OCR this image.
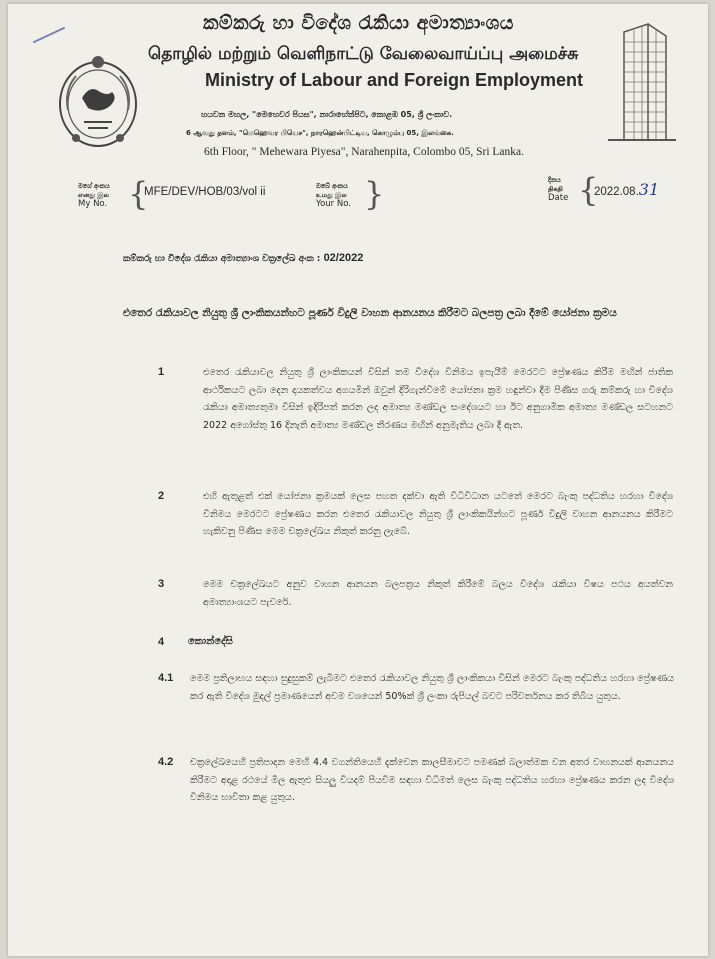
කම්කරු හා විදේශ රැකියා අමාත්‍යාංශය
தொழில் மற்றும் வெளிநாட்டு வேலைவாய்ப்பு அமைச்சு
Ministry of Labour and Foreign Employment
හයවන මහල, "මෙහෙවර පියස", නාරාහේන්පිට, කොළඹ 05, ශ්‍රී ලංකාව.
6 ஆவது தளம், "மெஹெவர பியெச", நாரஹென்பிட்டிய, கொழும்பு 05, இலங்கை.
6th Floor, " Mehewara Piyesa", Narahenpita, Colombo 05, Sri Lanka.
මගේ අංකය
எனது இல
My No. {
MFE/DEV/HOB/03/vol ii	ඔබේ අංකය
உமது இல
Your No. }	දිනය
திகதி
Date {
2022.08.31
කම්කරු හා විදේශ රැකියා අමාත්‍යාංශ චක්‍රලේඛ අංක : 02/2022
එතෙර රැකියාවල නියුතු ශ්‍රී ලාංකිකයන්හට පූර්ණ විදුලි වාහන ආනයනය කිරීමට බලපත්‍ර ලබා දීමේ යෝජනා ක්‍රමය
1	එතෙර රැකියාවල නියුතු ශ්‍රී ලාංකිකයන් විසින් තම විදේශ විනිමය ඉපැයීම් මෙරටට ප්‍රේෂණය කිරීම මඟින් ජාතික ආර්ථිකයට ලබා දෙන දායකත්වය අගයමින් ඔවුන් දිරිගැන්වීමේ යෝජනා ක්‍රම හඳුන්වා දීම පිණිස ගරු කම්කරු හා විදේශ රැකියා අමාත්‍යතුමා විසින් ඉදිරිපත් කරන ලද අමාත්‍ය මණ්ඩල සංදේශයට හා ඊට අනුගාමික අමාත්‍ය මණ්ඩල සටහනට 2022 අගෝස්තු 16 දිනැති අමාත්‍ය මණ්ඩල තීරණය මඟින් අනුමැතිය ලබා දී ඇත.
2	එහි ඇතුළත් එක් යෝජනා ක්‍රමයක් ලෙස පහත දක්වා ඇති විධිවිධාන යටතේ මෙරට බැංකු පද්ධතිය හරහා විදේශ විනිමය මෙරටට ප්‍රේෂණය කරන එතෙර රැකියාවල නියුතු ශ්‍රී ලාංකිකයින්හට පූර්ණ විදුලි වාහන ආනයනය කිරීමට හැකිවනු පිණිස මෙම චක්‍රලේඛය නිකුත් කරනු ලැබේ.
3	මෙම චක්‍රලේඛයට අනුව වාහන ආනයන බලපත්‍රය නිකුත් කිරීමේ බලය විදේශ රැකියා විෂය පථය අයත්වන අමාත්‍යාංශයට පැවරේ.
4 කොන්දේසි
4.1 මෙම ප්‍රතිලාභය සඳහා සුදුසුකම් ලැබීමට එතෙර රැකියාවල නියුතු ශ්‍රී ලාංකිකයා විසින් මෙරට බැංකු පද්ධතිය හරහා ප්‍රේෂණය කර ඇති විදේශ මුදල් ප්‍රමාණයෙන් අවම වශයෙන් 50%ක් ශ්‍රී ලංකා රුපියල් බවට පරිවර්තනය කර තිබිය යුතුය.
4.2 චක්‍රලේඛයෙහි ප්‍රතිපාදන මෙහි 4.4 වගන්තියෙහි දැක්වෙන කාලසීමාවට පමණක් බලාත්මක වන අතර වාහනයක් ආනයනය කිරීමට අදාළ රථයේ මිල ඇතුළු සියලු වියදම් පියවීම සඳහා විධිමත් ලෙස බැංකු පද්ධතිය හරහා ප්‍රේෂණය කරන ලද විදේශ විනිමය භාවිතා කළ යුතුය.
